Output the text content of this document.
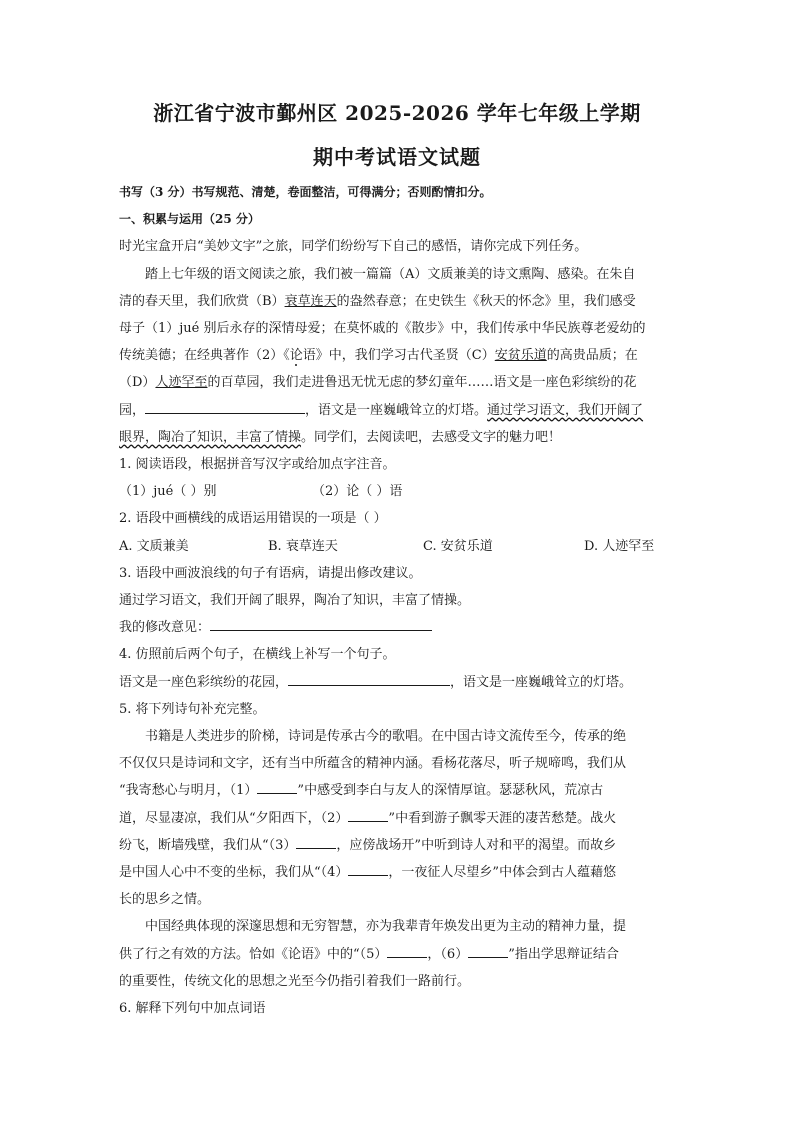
浙江省宁波市鄞州区 2025-2026 学年七年级上学期
期中考试语文试题

书写（3 分）书写规范、清楚，卷面整洁，可得满分；否则酌情扣分。

一、积累与运用（25 分）

时光宝盒开启“美妙文字”之旅，同学们纷纷写下自己的感悟，请你完成下列任务。

踏上七年级的语文阅读之旅，我们被一篇篇（A）文质兼美的诗文熏陶、感染。在朱自

清的春天里，我们欣赏（B）衰草连天的盎然春意；在史铁生《秋天的怀念》里，我们感受

母子（1）jué 别后永存的深情母爱；在莫怀戚的《散步》中，我们传承中华民族尊老爱幼的

传统美德；在经典著作（2）《论语》中，我们学习古代圣贤（C）安贫乐道的高贵品质；在

（D）人迹罕至的百草园，我们走进鲁迅无忧无虑的梦幻童年……语文是一座色彩缤纷的花

园，	，语文是一座巍峨耸立的灯塔。通过学习语文，我们开阔了

眼界，陶冶了知识，丰富了情操。同学们，去阅读吧，去感受文字的魅力吧！

1. 阅读语段，根据拼音写汉字或给加点字注音。

（1）jué（ ）别	（2）论（ ）语

2. 语段中画横线的成语运用错误的一项是（ ）

A. 文质兼美	B. 衰草连天	C. 安贫乐道	D. 人迹罕至

3. 语段中画波浪线的句子有语病，请提出修改建议。

通过学习语文，我们开阔了眼界，陶冶了知识，丰富了情操。

我的修改意见：

4. 仿照前后两个句子，在横线上补写一个句子。

语文是一座色彩缤纷的花园，	，语文是一座巍峨耸立的灯塔。

5. 将下列诗句补充完整。

书籍是人类进步的阶梯，诗词是传承古今的歌唱。在中国古诗文流传至今，传承的绝

不仅仅只是诗词和文字，还有当中所蕴含的精神内涵。看杨花落尽，听子规啼鸣，我们从

“我寄愁心与明月，（1）	”中感受到李白与友人的深情厚谊。瑟瑟秋风，荒凉古

道，尽显凄凉，我们从“夕阳西下，（2）	”中看到游子飘零天涯的凄苦愁楚。战火

纷飞，断墙残壁，我们从“（3）	，应傍战场开”中听到诗人对和平的渴望。而故乡

是中国人心中不变的坐标，我们从“（4）	，一夜征人尽望乡”中体会到古人蕴藉悠

长的思乡之情。

中国经典体现的深邃思想和无穷智慧，亦为我辈青年焕发出更为主动的精神力量，提

供了行之有效的方法。恰如《论语》中的“（5）	，（6）	”指出学思辩证结合

的重要性，传统文化的思想之光至今仍指引着我们一路前行。

6. 解释下列句中加点词语
